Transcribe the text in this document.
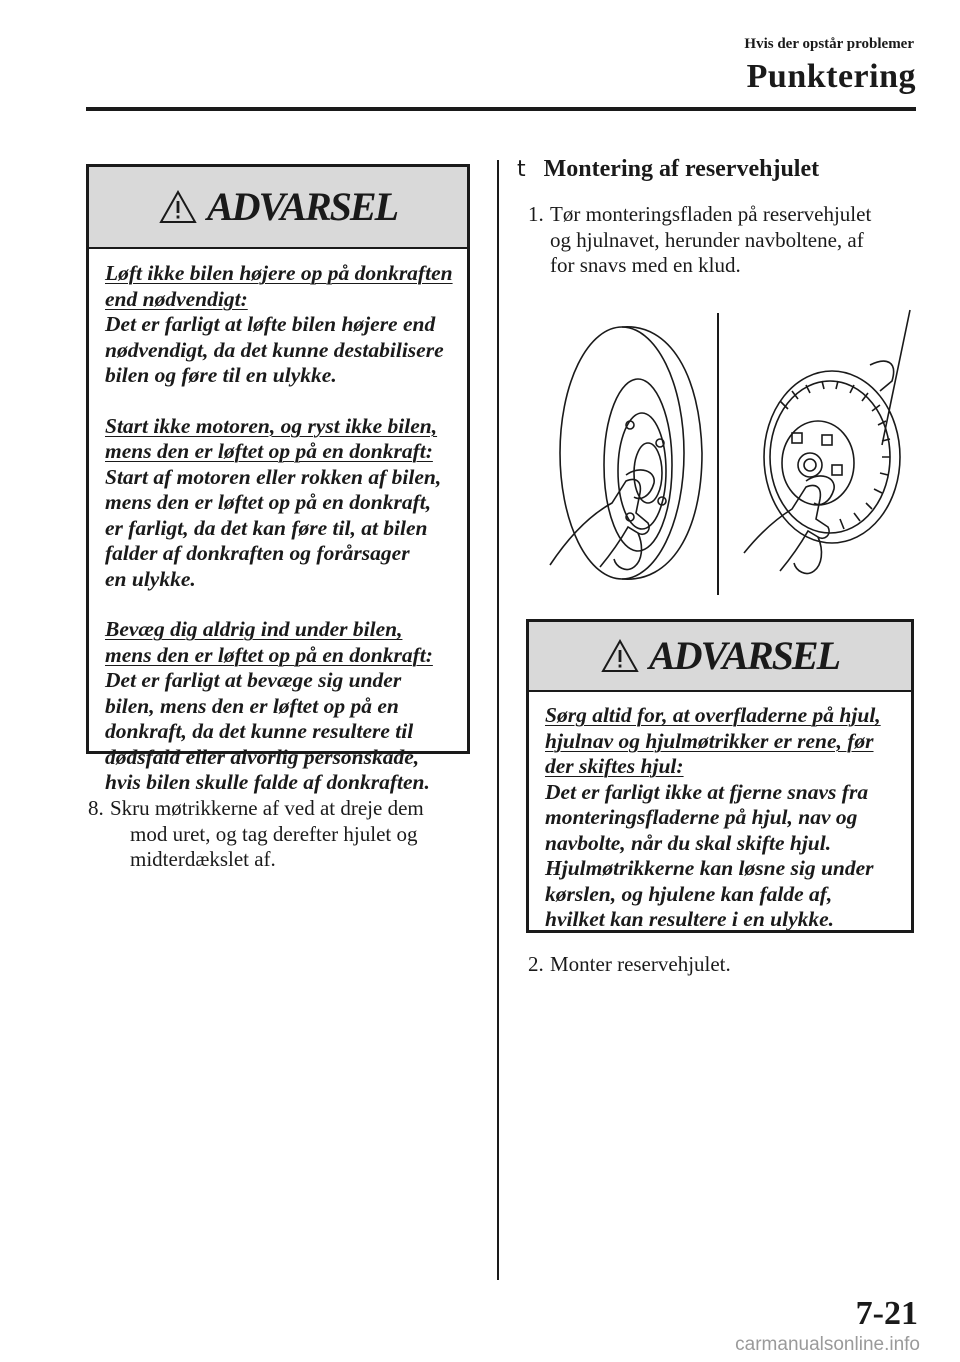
Hvis der opstår problemer
Punktering
ADVARSEL

Løft ikke bilen højere op på donkraften
end nødvendigt:
Det er farligt at løfte bilen højere end
nødvendigt, da det kunne destabilisere
bilen og føre til en ulykke.

Start ikke motoren, og ryst ikke bilen,
mens den er løftet op på en donkraft:
Start af motoren eller rokken af bilen,
mens den er løftet op på en donkraft,
er farligt, da det kan føre til, at bilen
falder af donkraften og forårsager
en ulykke.

Bevæg dig aldrig ind under bilen,
mens den er løftet op på en donkraft:
Det er farligt at bevæge sig under
bilen, mens den er løftet op på en
donkraft, da det kunne resultere til
dødsfald eller alvorlig personskade,
hvis bilen skulle falde af donkraften.

8. Skru møtrikkerne af ved at dreje dem
mod uret, og tag derefter hjulet og
midterdækslet af.
t Montering af reservehjulet
1. Tør monteringsfladen på reservehjulet
og hjulnavet, herunder navboltene, af
for snavs med en klud.
ADVARSEL

Sørg altid for, at overfladerne på hjul,
hjulnav og hjulmøtrikker er rene, før
der skiftes hjul:
Det er farligt ikke at fjerne snavs fra
monteringsfladerne på hjul, nav og
navbolte, når du skal skifte hjul.
Hjulmøtrikkerne kan løsne sig under
kørslen, og hjulene kan falde af,
hvilket kan resultere i en ulykke.

2. Monter reservehjulet.
7-21
carmanualsonline.info
